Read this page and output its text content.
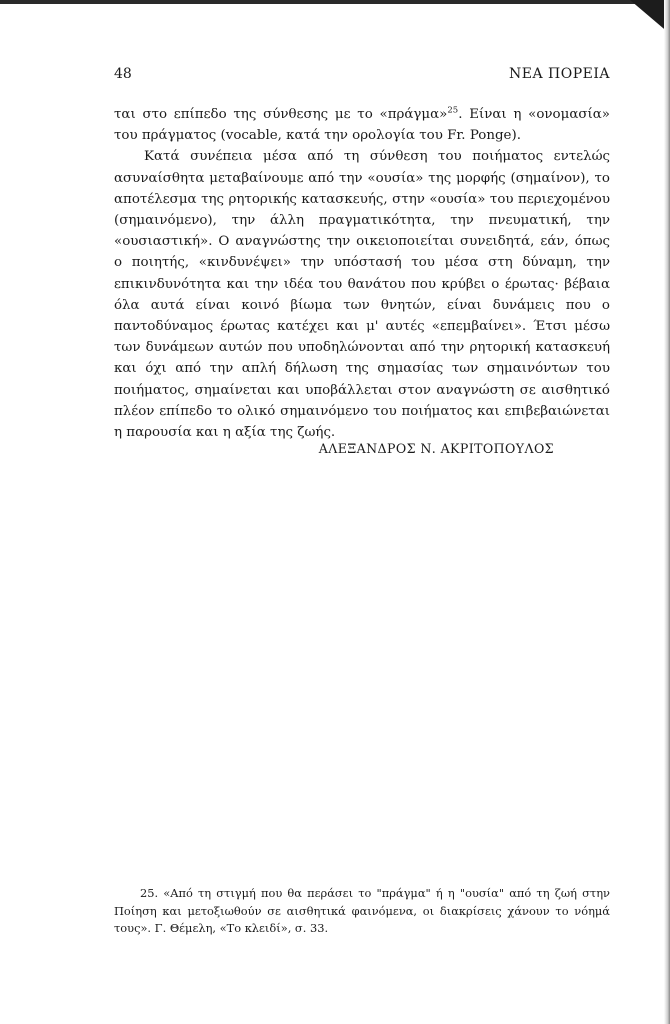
48	ΝΕΑ ΠΟΡΕΙΑ

ται στο επίπεδο της σύνθεσης με το «πράγμα»$^{25}$. Είναι η «ονομασία» του πράγματος (vocable, κατά την ορολογία του Fr. Ponge).

Κατά συνέπεια μέσα από τη σύνθεση του ποιήματος εντελώς ασυναίσθητα μεταβαίνουμε από την «ουσία» της μορφής (σημαίνον), το αποτέλεσμα της ρητορικής κατασκευής, στην «ουσία» του περιεχομένου (σημαινόμενο), την άλλη πραγματικότητα, την πνευματική, την «ουσιαστική». Ο αναγνώστης την οικειοποιείται συνειδητά, εάν, όπως ο ποιητής, «κινδυνέψει» την υπόστασή του μέσα στη δύναμη, την επικινδυνότητα και την ιδέα του θανάτου που κρύβει ο έρωτας· βέβαια όλα αυτά είναι κοινό βίωμα των θνητών, είναι δυνάμεις που ο παντοδύναμος έρωτας κατέχει και μ' αυτές «επεμβαίνει». Έτσι μέσω των δυνάμεων αυτών που υποδηλώνονται από την ρητορική κατασκευή και όχι από την απλή δήλωση της σημασίας των σημαινόντων του ποιήματος, σημαίνεται και υποβάλλεται στον αναγνώστη σε αισθητικό πλέον επίπεδο το ολικό σημαινόμενο του ποιήματος και επιβεβαιώνεται η παρουσία και η αξία της ζωής.

ΑΛΕΞΑΝΔΡΟΣ Ν. ΑΚΡΙΤΟΠΟΥΛΟΣ

25. «Από τη στιγμή που θα περάσει το "πράγμα" ή η "ουσία" από τη ζωή στην Ποίηση και μετοξιωθούν σε αισθητικά φαινόμενα, οι διακρίσεις χάνουν το νόημά τους». Γ. Θέμελη, «Το κλειδί», σ. 33.
